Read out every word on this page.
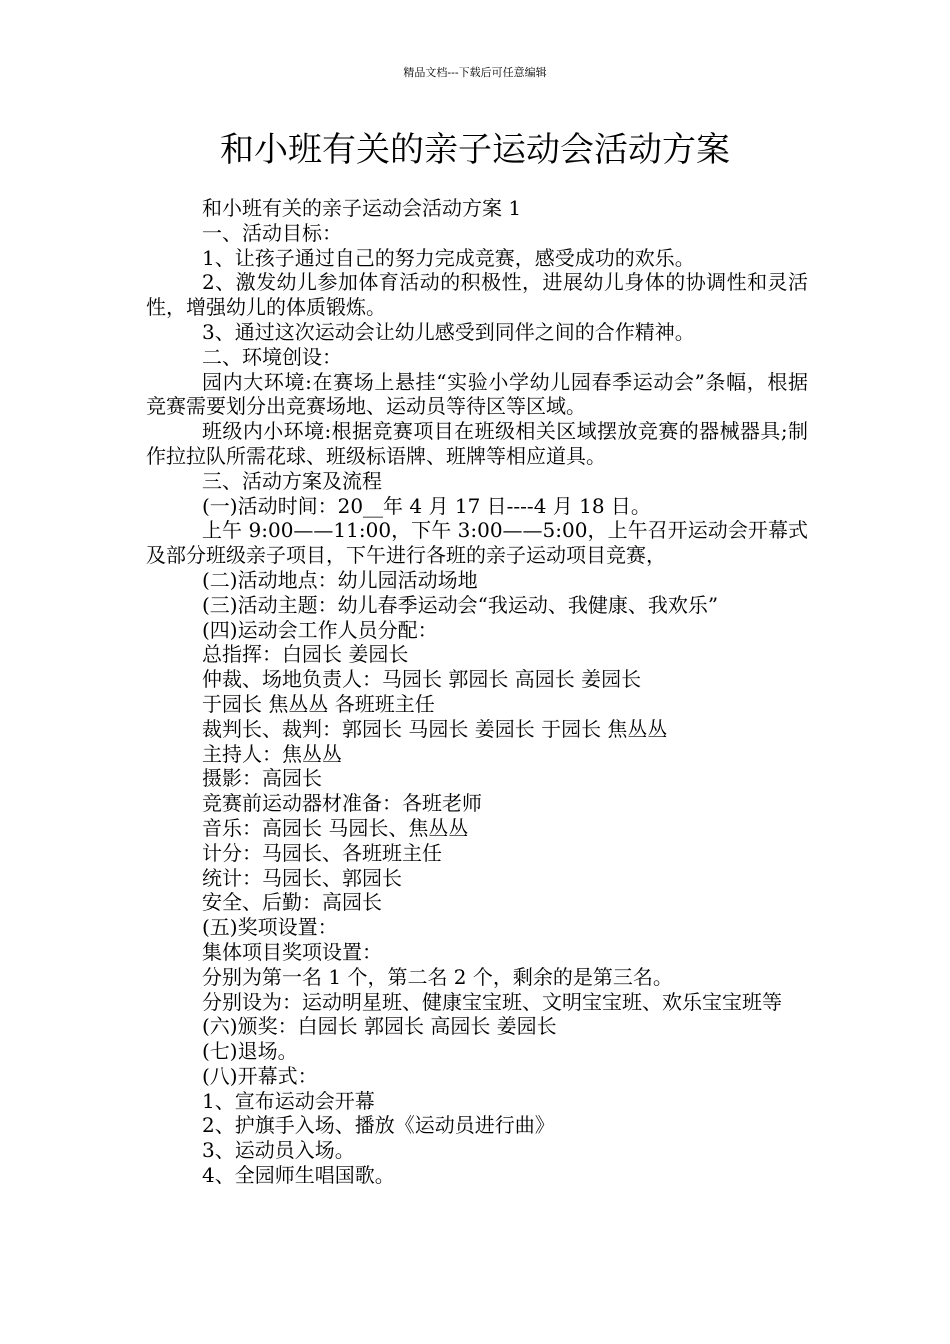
精品文档---下载后可任意编辑
和小班有关的亲子运动会活动方案

和小班有关的亲子运动会活动方案 1

一、活动目标：

1、让孩子通过自己的努力完成竞赛，感受成功的欢乐。

2、激发幼儿参加体育活动的积极性，进展幼儿身体的协调性和灵活性，增强幼儿的体质锻炼。

3、通过这次运动会让幼儿感受到同伴之间的合作精神。

二、环境创设：

园内大环境:在赛场上悬挂“实验小学幼儿园春季运动会”条幅，根据竞赛需要划分出竞赛场地、运动员等待区等区域。

班级内小环境:根据竞赛项目在班级相关区域摆放竞赛的器械器具;制作拉拉队所需花球、班级标语牌、班牌等相应道具。

三、活动方案及流程

(一)活动时间：20__年 4 月 17 日----4 月 18 日。

上午 9:00——11:00，下午 3:00——5:00，上午召开运动会开幕式及部分班级亲子项目，下午进行各班的亲子运动项目竞赛，

(二)活动地点：幼儿园活动场地

(三)活动主题：幼儿春季运动会“我运动、我健康、我欢乐”

(四)运动会工作人员分配：

总指挥：白园长 姜园长

仲裁、场地负责人：马园长 郭园长 高园长 姜园长

于园长 焦丛丛 各班班主任

裁判长、裁判：郭园长 马园长 姜园长 于园长 焦丛丛

主持人：焦丛丛

摄影：高园长

竞赛前运动器材准备：各班老师

音乐：高园长 马园长、焦丛丛

计分：马园长、各班班主任

统计：马园长、郭园长

安全、后勤：高园长

(五)奖项设置：

集体项目奖项设置：

分别为第一名 1 个，第二名 2 个，剩余的是第三名。

分别设为：运动明星班、健康宝宝班、文明宝宝班、欢乐宝宝班等

(六)颁奖：白园长 郭园长 高园长 姜园长

(七)退场。

(八)开幕式：

1、宣布运动会开幕

2、护旗手入场、播放《运动员进行曲》

3、运动员入场。

4、全园师生唱国歌。
